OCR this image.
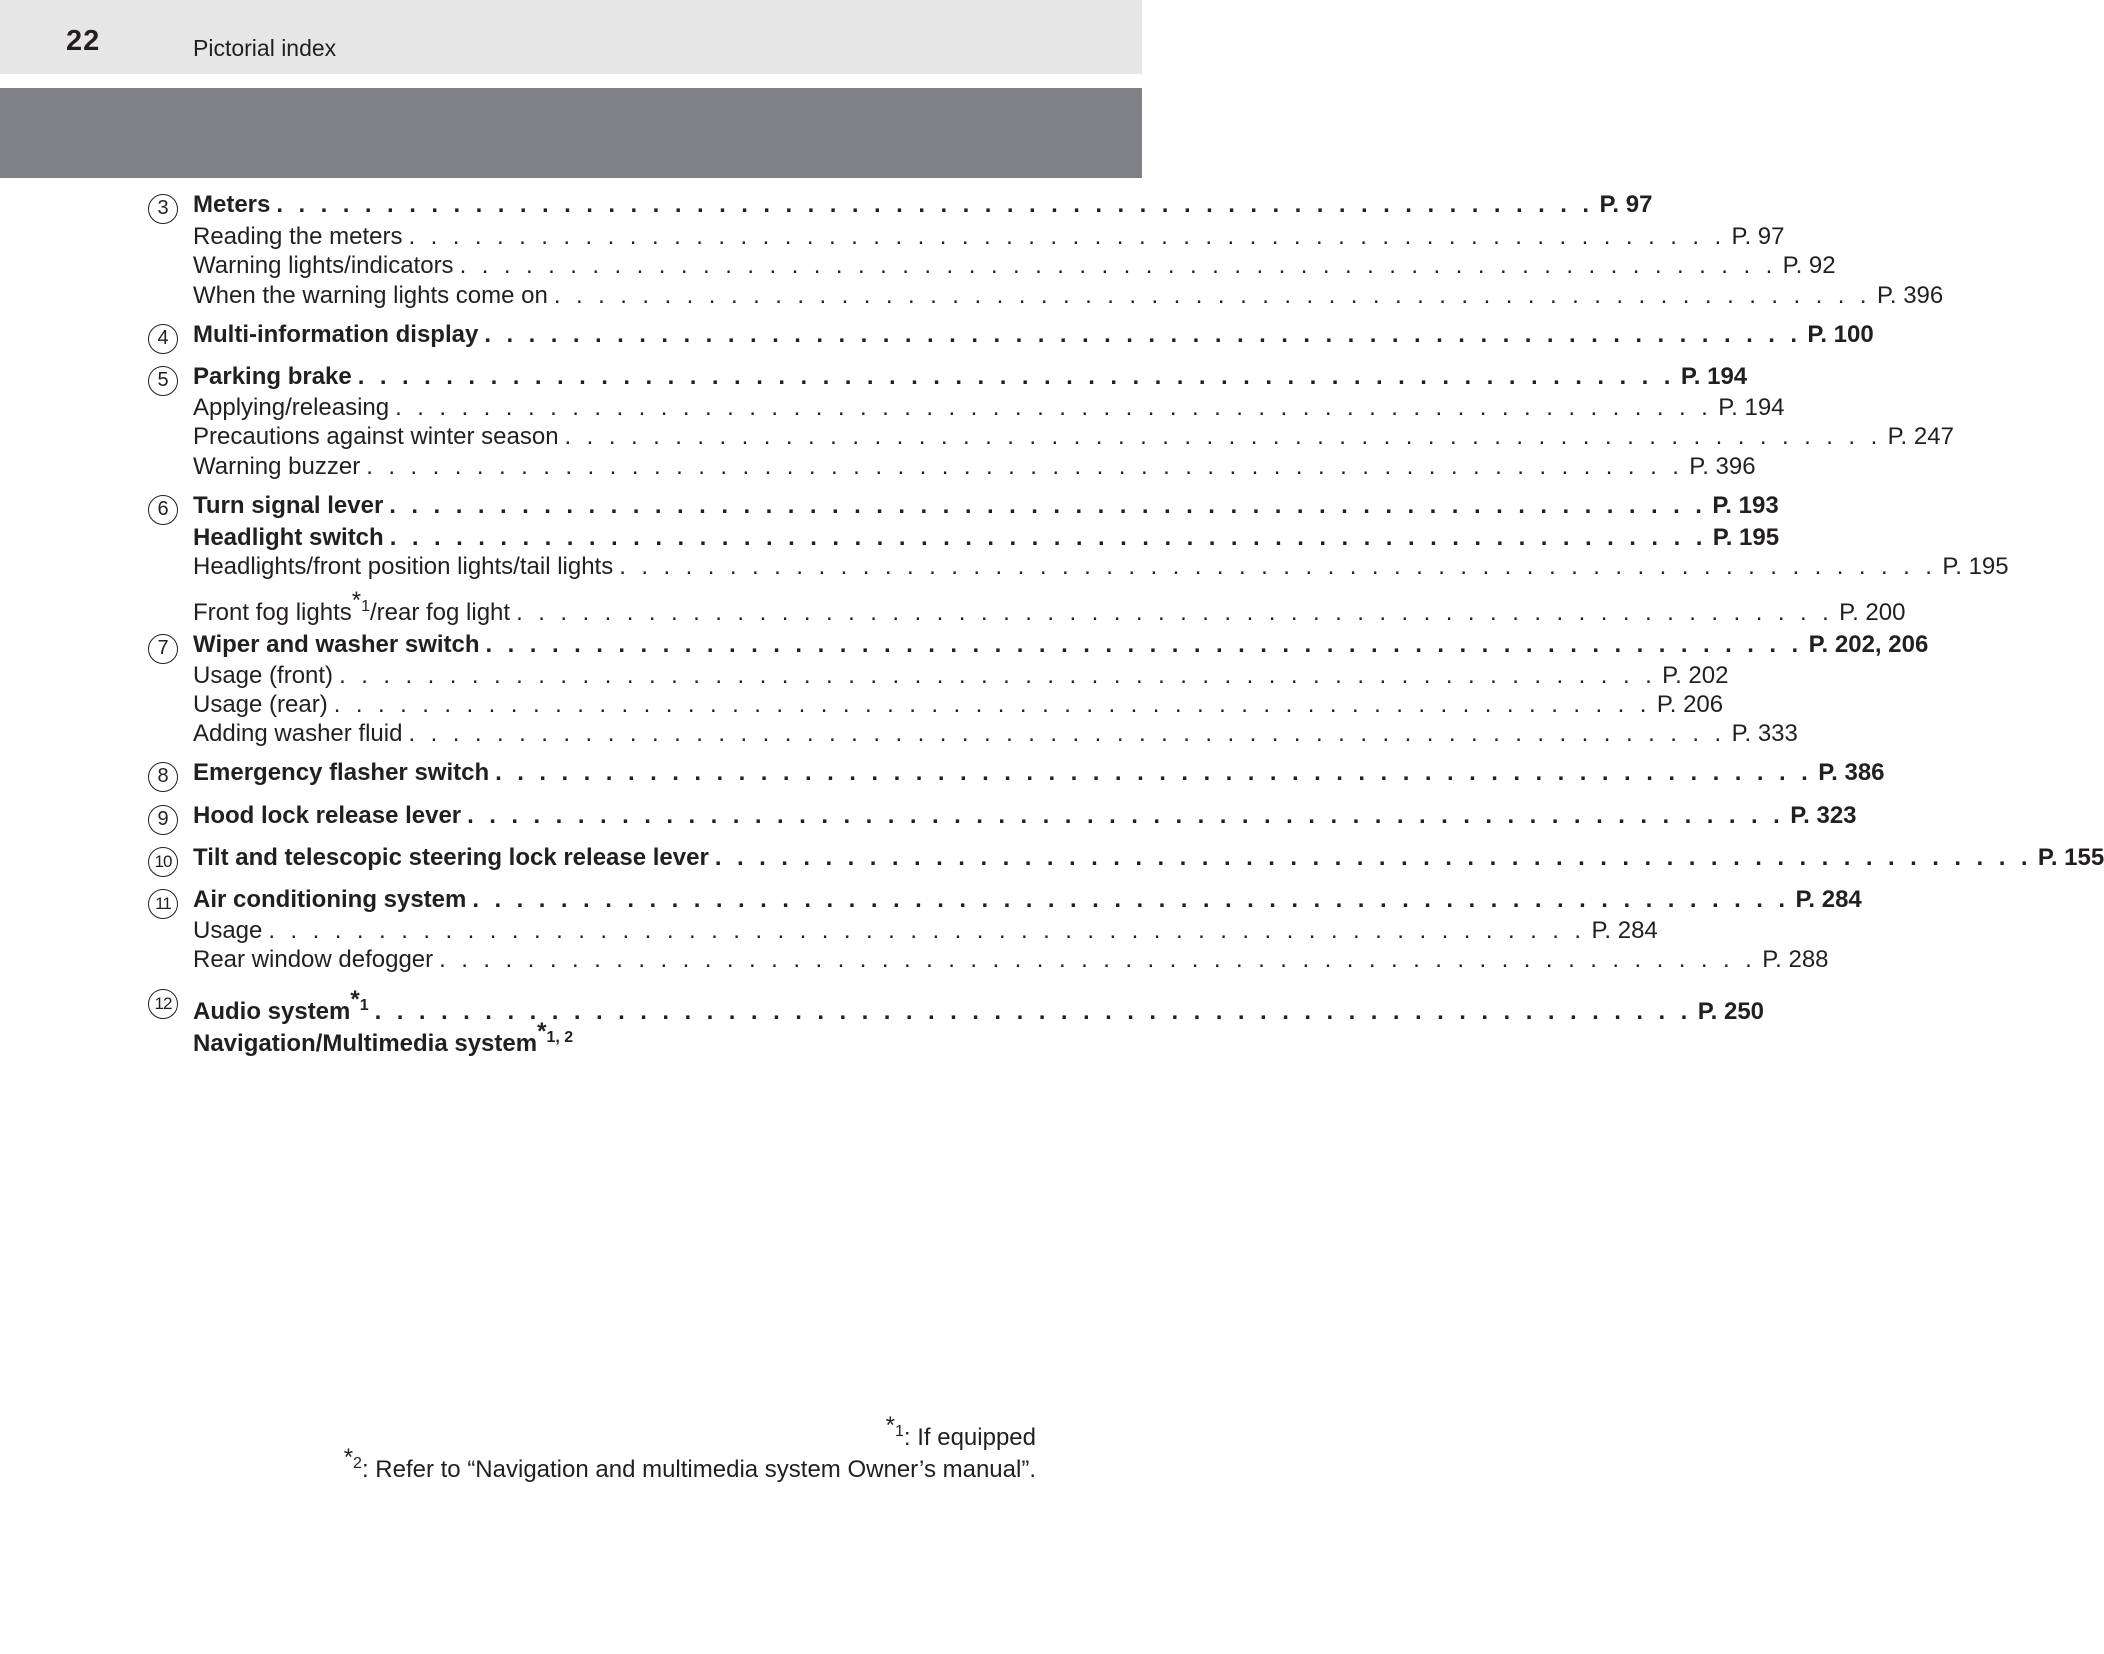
22	Pictorial index
3	Meters . . . . . . . . . . . . . . . . . . . . . . . . . . . . . . . . . . . . . . . . . . . . . . . . . . . . . . . . . . . . P. 97
Reading the meters . . . . . . . . . . . . . . . . . . . . . . . . . . . . . . . . . . . . . . . . . . . . . . . . . . . . . . . . . . . . P. 97
Warning lights/indicators . . . . . . . . . . . . . . . . . . . . . . . . . . . . . . . . . . . . . . . . . . . . . . . . . . . . . . . . . . . . P. 92
When the warning lights come on . . . . . . . . . . . . . . . . . . . . . . . . . . . . . . . . . . . . . . . . . . . . . . . . . . . . . . . . . . . . P. 396
4	Multi-information display . . . . . . . . . . . . . . . . . . . . . . . . . . . . . . . . . . . . . . . . . . . . . . . . . . . . . . . . . . . . P. 100
5	Parking brake . . . . . . . . . . . . . . . . . . . . . . . . . . . . . . . . . . . . . . . . . . . . . . . . . . . . . . . . . . . . P. 194
Applying/releasing . . . . . . . . . . . . . . . . . . . . . . . . . . . . . . . . . . . . . . . . . . . . . . . . . . . . . . . . . . . . P. 194
Precautions against winter season . . . . . . . . . . . . . . . . . . . . . . . . . . . . . . . . . . . . . . . . . . . . . . . . . . . . . . . . . . . . P. 247
Warning buzzer . . . . . . . . . . . . . . . . . . . . . . . . . . . . . . . . . . . . . . . . . . . . . . . . . . . . . . . . . . . . P. 396
6	Turn signal lever . . . . . . . . . . . . . . . . . . . . . . . . . . . . . . . . . . . . . . . . . . . . . . . . . . . . . . . . . . . . P. 193
Headlight switch . . . . . . . . . . . . . . . . . . . . . . . . . . . . . . . . . . . . . . . . . . . . . . . . . . . . . . . . . . . . P. 195
Headlights/front position lights/tail lights . . . . . . . . . . . . . . . . . . . . . . . . . . . . . . . . . . . . . . . . . . . . . . . . . . . . . . . . . . . . P. 195
Front fog lights$^{*1}$/rear fog light . . . . . . . . . . . . . . . . . . . . . . . . . . . . . . . . . . . . . . . . . . . . . . . . . . . . . . . . . . . . P. 200
7	Wiper and washer switch . . . . . . . . . . . . . . . . . . . . . . . . . . . . . . . . . . . . . . . . . . . . . . . . . . . . . . . . . . . . P. 202, 206
Usage (front) . . . . . . . . . . . . . . . . . . . . . . . . . . . . . . . . . . . . . . . . . . . . . . . . . . . . . . . . . . . . P. 202
Usage (rear) . . . . . . . . . . . . . . . . . . . . . . . . . . . . . . . . . . . . . . . . . . . . . . . . . . . . . . . . . . . . P. 206
Adding washer fluid . . . . . . . . . . . . . . . . . . . . . . . . . . . . . . . . . . . . . . . . . . . . . . . . . . . . . . . . . . . . P. 333
8	Emergency flasher switch . . . . . . . . . . . . . . . . . . . . . . . . . . . . . . . . . . . . . . . . . . . . . . . . . . . . . . . . . . . . P. 386
9	Hood lock release lever . . . . . . . . . . . . . . . . . . . . . . . . . . . . . . . . . . . . . . . . . . . . . . . . . . . . . . . . . . . . P. 323
10 Tilt and telescopic steering lock release lever . . . . . . . . . . . . . . . . . . . . . . . . . . . . . . . . . . . . . . . . . . . . . . . . . . . . . . . . . . . . P. 155
11 Air conditioning system . . . . . . . . . . . . . . . . . . . . . . . . . . . . . . . . . . . . . . . . . . . . . . . . . . . . . . . . . . . . P. 284
Usage . . . . . . . . . . . . . . . . . . . . . . . . . . . . . . . . . . . . . . . . . . . . . . . . . . . . . . . . . . . . P. 284
Rear window defogger . . . . . . . . . . . . . . . . . . . . . . . . . . . . . . . . . . . . . . . . . . . . . . . . . . . . . . . . . . . . P. 288
12 Audio system$^{*1}$ . . . . . . . . . . . . . . . . . . . . . . . . . . . . . . . . . . . . . . . . . . . . . . . . . . . . . . . . . . . . P. 250
Navigation/Multimedia system$^{*1, 2}$
$^{*1}$: If equipped
$^{*2}$: Refer to “Navigation and multimedia system Owner’s manual”.
